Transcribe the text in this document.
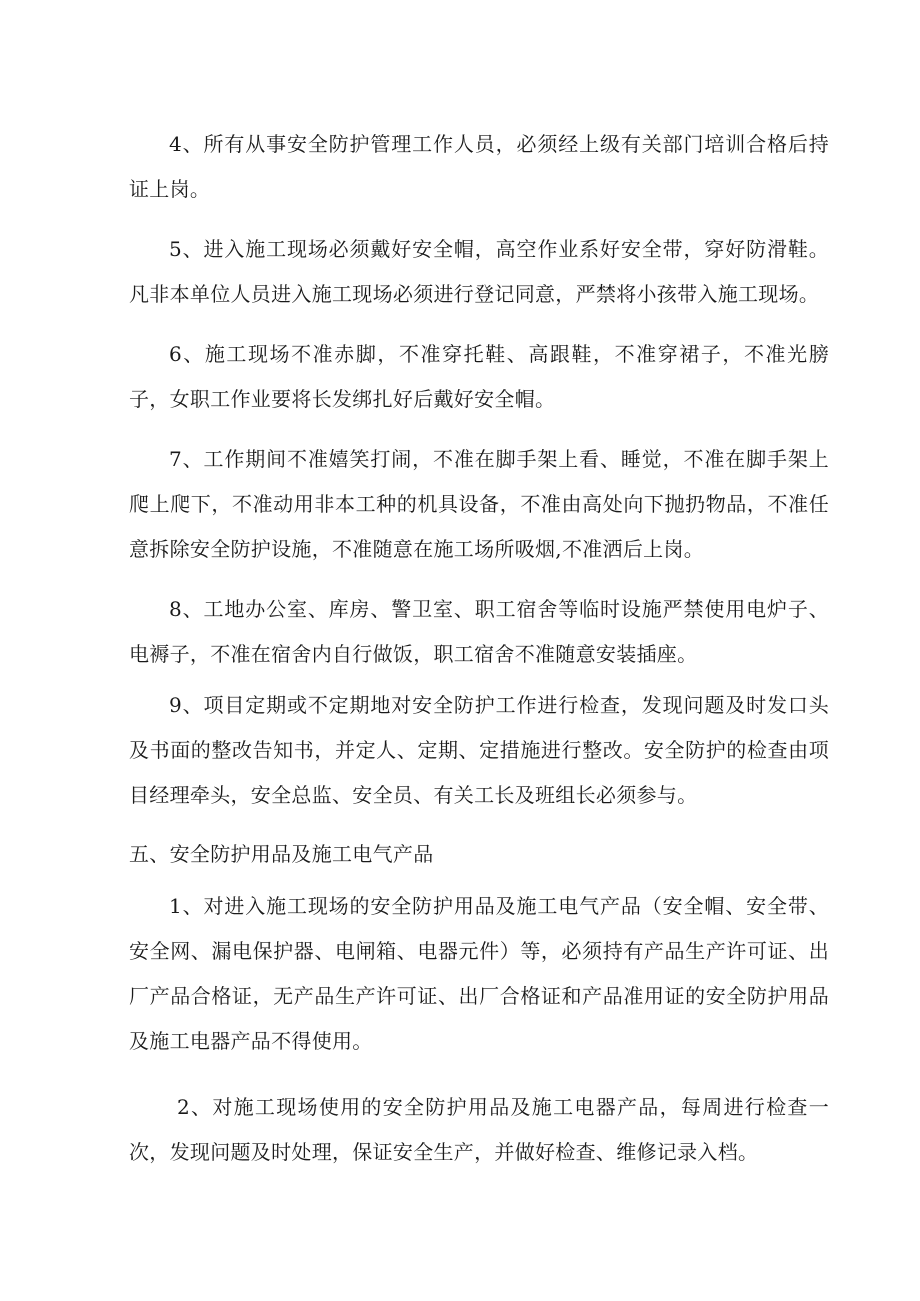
4、所有从事安全防护管理工作人员，必须经上级有关部门培训合格后持证上岗。

5、进入施工现场必须戴好安全帽，高空作业系好安全带，穿好防滑鞋。凡非本单位人员进入施工现场必须进行登记同意，严禁将小孩带入施工现场。

6、施工现场不准赤脚，不准穿托鞋、高跟鞋，不准穿裙子，不准光膀子，女职工作业要将长发绑扎好后戴好安全帽。

7、工作期间不准嬉笑打闹，不准在脚手架上看、睡觉，不准在脚手架上爬上爬下，不准动用非本工种的机具设备，不准由高处向下抛扔物品，不准任意拆除安全防护设施，不准随意在施工场所吸烟,不准洒后上岗。

8、工地办公室、库房、警卫室、职工宿舍等临时设施严禁使用电炉子、电褥子，不准在宿舍内自行做饭，职工宿舍不准随意安装插座。

9、项目定期或不定期地对安全防护工作进行检查，发现问题及时发口头及书面的整改告知书，并定人、定期、定措施进行整改。安全防护的检查由项目经理牵头，安全总监、安全员、有关工长及班组长必须参与。

五、安全防护用品及施工电气产品

1、对进入施工现场的安全防护用品及施工电气产品（安全帽、安全带、安全网、漏电保护器、电闸箱、电器元件）等，必须持有产品生产许可证、出厂产品合格证，无产品生产许可证、出厂合格证和产品准用证的安全防护用品及施工电器产品不得使用。

2、对施工现场使用的安全防护用品及施工电器产品，每周进行检查一次，发现问题及时处理，保证安全生产，并做好检查、维修记录入档。
